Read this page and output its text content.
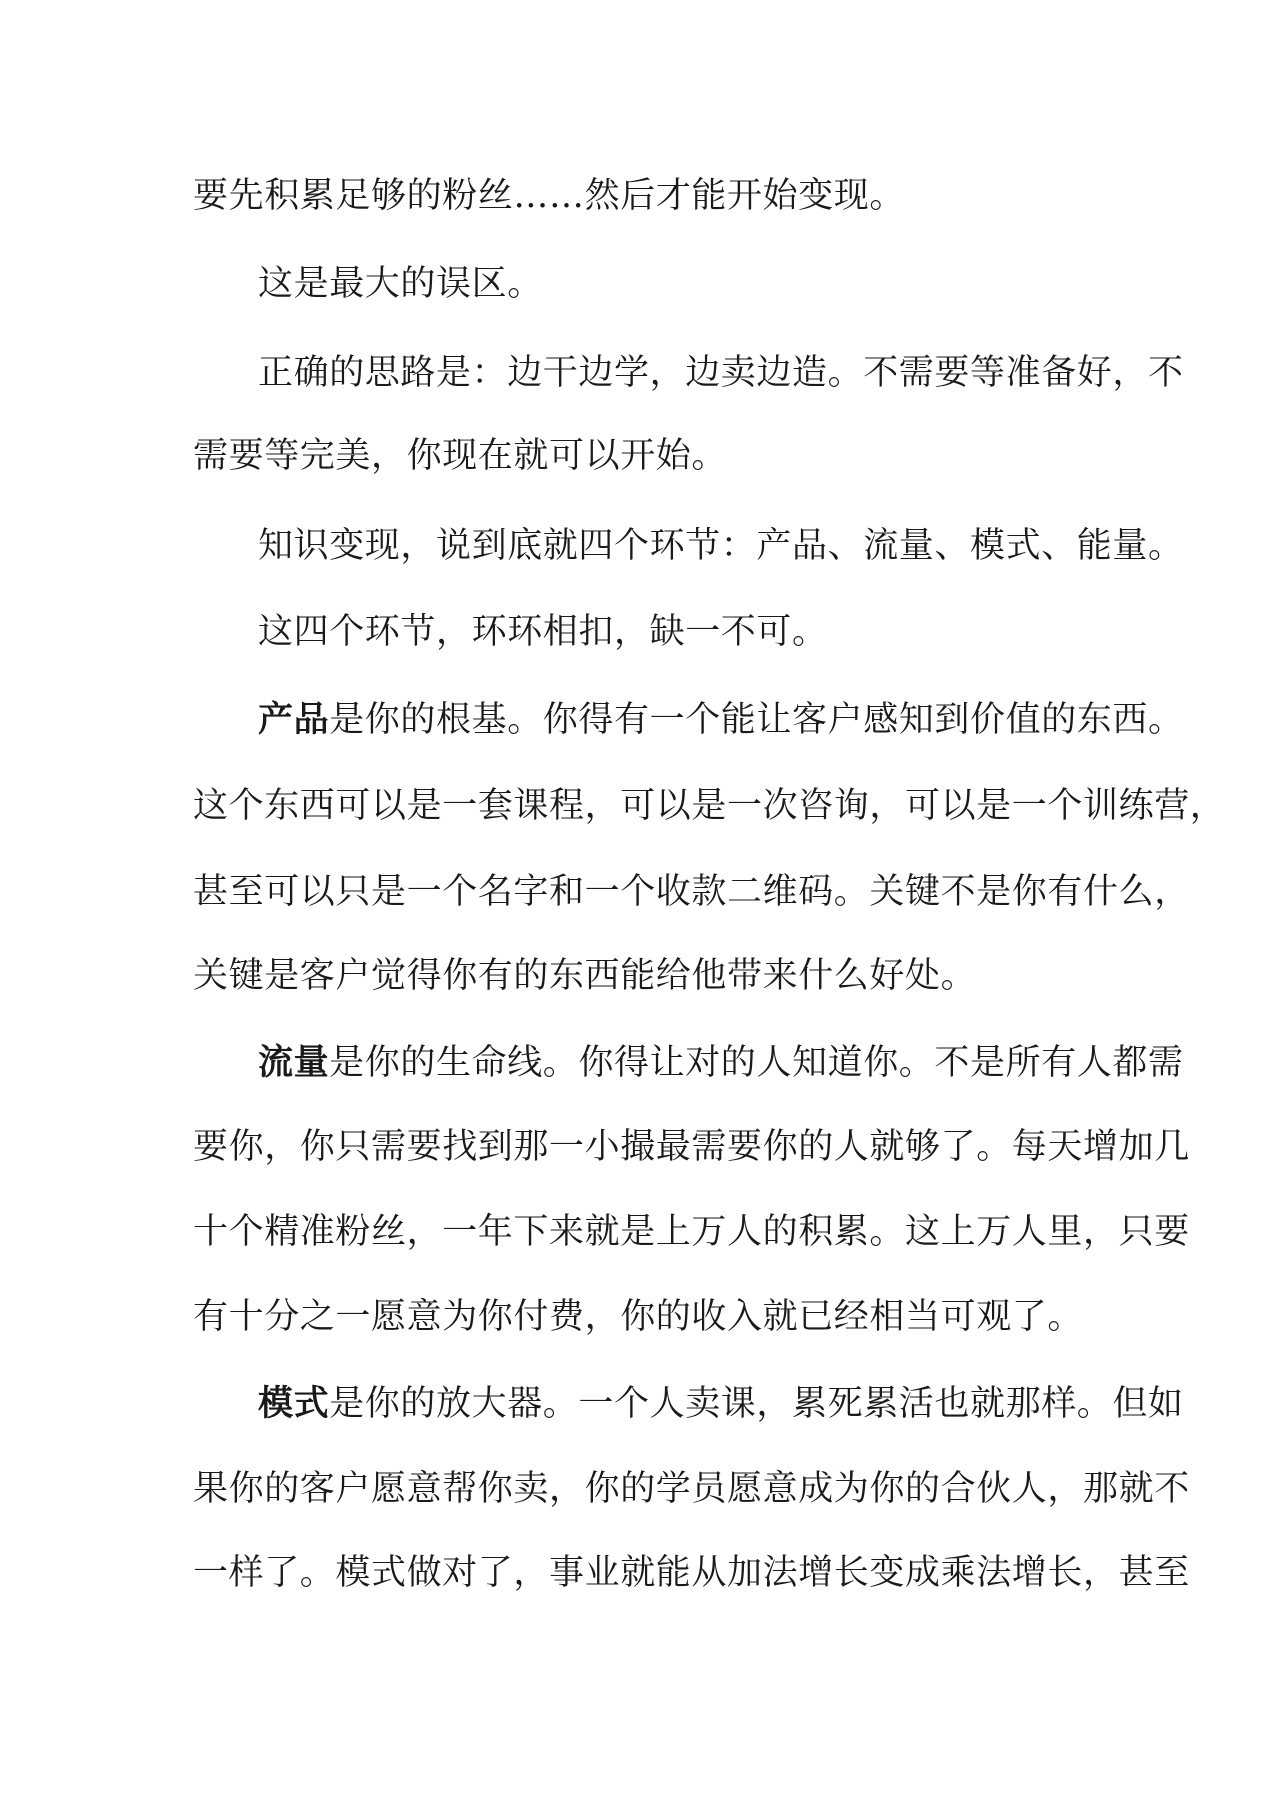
要先积累足够的粉丝……然后才能开始变现。
这是最大的误区。
正确的思路是：边干边学，边卖边造。不需要等准备好，不
需要等完美，你现在就可以开始。
知识变现，说到底就四个环节：产品、流量、模式、能量。
这四个环节，环环相扣，缺一不可。
产品是你的根基。你得有一个能让客户感知到价值的东西。
这个东西可以是一套课程，可以是一次咨询，可以是一个训练营，
甚至可以只是一个名字和一个收款二维码。关键不是你有什么，
关键是客户觉得你有的东西能给他带来什么好处。
流量是你的生命线。你得让对的人知道你。不是所有人都需
要你，你只需要找到那一小撮最需要你的人就够了。每天增加几
十个精准粉丝，一年下来就是上万人的积累。这上万人里，只要
有十分之一愿意为你付费，你的收入就已经相当可观了。
模式是你的放大器。一个人卖课，累死累活也就那样。但如
果你的客户愿意帮你卖，你的学员愿意成为你的合伙人，那就不
一样了。模式做对了，事业就能从加法增长变成乘法增长，甚至
